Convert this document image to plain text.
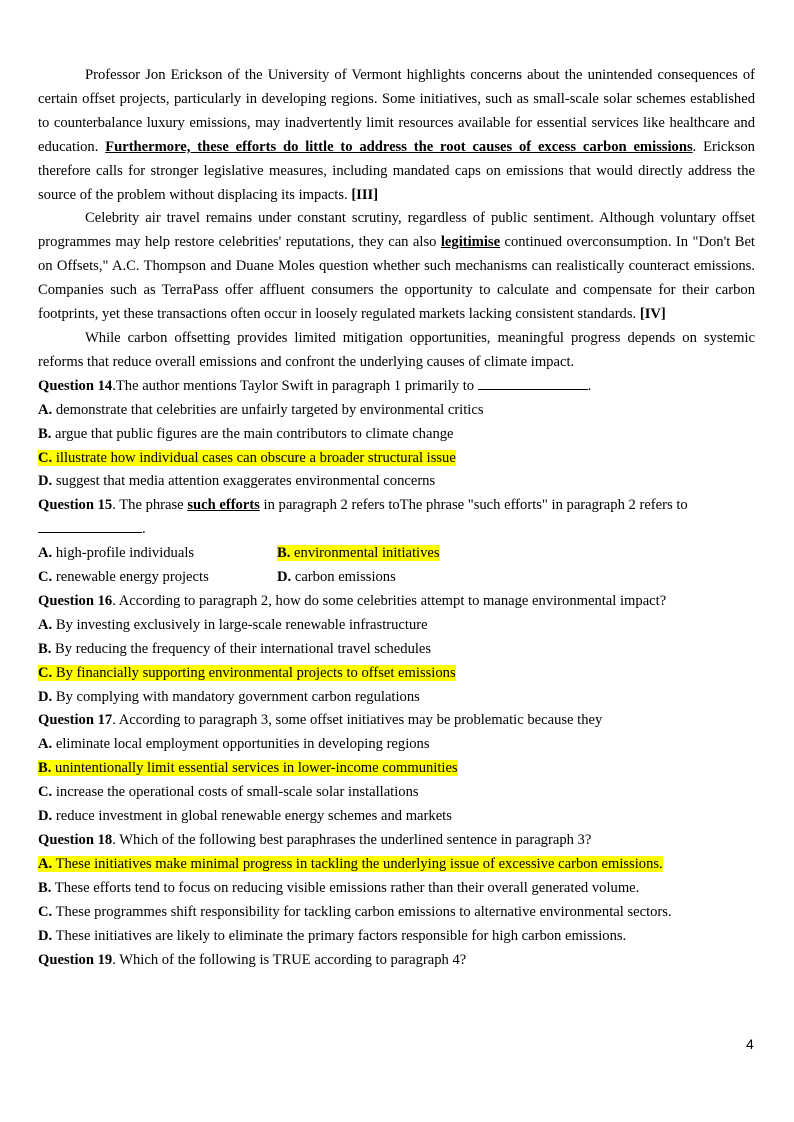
Professor Jon Erickson of the University of Vermont highlights concerns about the unintended consequences of certain offset projects, particularly in developing regions. Some initiatives, such as small-scale solar schemes established to counterbalance luxury emissions, may inadvertently limit resources available for essential services like healthcare and education. Furthermore, these efforts do little to address the root causes of excess carbon emissions. Erickson therefore calls for stronger legislative measures, including mandated caps on emissions that would directly address the source of the problem without displacing its impacts. [III]

Celebrity air travel remains under constant scrutiny, regardless of public sentiment. Although voluntary offset programmes may help restore celebrities' reputations, they can also legitimise continued overconsumption. In "Don't Bet on Offsets," A.C. Thompson and Duane Moles question whether such mechanisms can realistically counteract emissions. Companies such as TerraPass offer affluent consumers the opportunity to calculate and compensate for their carbon footprints, yet these transactions often occur in loosely regulated markets lacking consistent standards. [IV]

While carbon offsetting provides limited mitigation opportunities, meaningful progress depends on systemic reforms that reduce overall emissions and confront the underlying causes of climate impact.

Question 14.The author mentions Taylor Swift in paragraph 1 primarily to	.
A. demonstrate that celebrities are unfairly targeted by environmental critics
B. argue that public figures are the main contributors to climate change
C. illustrate how individual cases can obscure a broader structural issue
D. suggest that media attention exaggerates environmental concerns
Question 15. The phrase such efforts in paragraph 2 refers toThe phrase "such efforts" in paragraph 2 refers to
.
A. high-profile individuals	B. environmental initiatives
C. renewable energy projects	D. carbon emissions
Question 16. According to paragraph 2, how do some celebrities attempt to manage environmental impact?
A. By investing exclusively in large-scale renewable infrastructure
B. By reducing the frequency of their international travel schedules
C. By financially supporting environmental projects to offset emissions
D. By complying with mandatory government carbon regulations
Question 17. According to paragraph 3, some offset initiatives may be problematic because they
A. eliminate local employment opportunities in developing regions
B. unintentionally limit essential services in lower-income communities
C. increase the operational costs of small-scale solar installations
D. reduce investment in global renewable energy schemes and markets
Question 18. Which of the following best paraphrases the underlined sentence in paragraph 3?
A. These initiatives make minimal progress in tackling the underlying issue of excessive carbon emissions.
B. These efforts tend to focus on reducing visible emissions rather than their overall generated volume.
C. These programmes shift responsibility for tackling carbon emissions to alternative environmental sectors.
D. These initiatives are likely to eliminate the primary factors responsible for high carbon emissions.
Question 19. Which of the following is TRUE according to paragraph 4?
4
